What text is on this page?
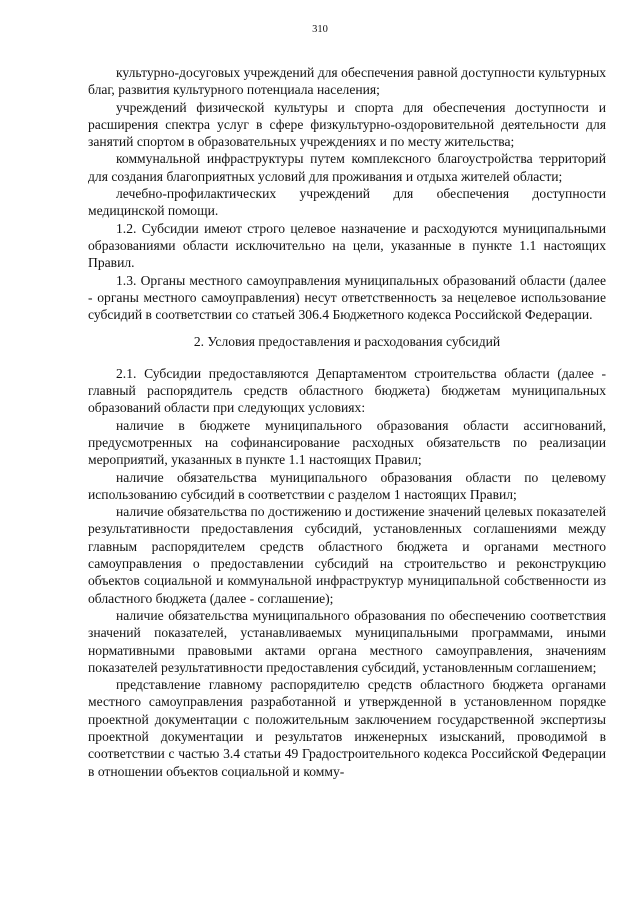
310

культурно-досуговых учреждений для обеспечения равной доступности культурных благ, развития культурного потенциала населения;

учреждений физической культуры и спорта для обеспечения доступности и расширения спектра услуг в сфере физкультурно-оздоровительной деятельности для занятий спортом в образовательных учреждениях и по месту жительства;

коммунальной инфраструктуры путем комплексного благоустройства территорий для создания благоприятных условий для проживания и отдыха жителей области;

лечебно-профилактических учреждений для обеспечения доступности медицинской помощи.

1.2. Субсидии имеют строго целевое назначение и расходуются муниципальными образованиями области исключительно на цели, указанные в пункте 1.1 настоящих Правил.

1.3. Органы местного самоуправления муниципальных образований области (далее - органы местного самоуправления) несут ответственность за нецелевое использование субсидий в соответствии со статьей 306.4 Бюджетного кодекса Российской Федерации.

2. Условия предоставления и расходования субсидий

2.1. Субсидии предоставляются Департаментом строительства области (далее - главный распорядитель средств областного бюджета) бюджетам муниципальных образований области при следующих условиях:

наличие в бюджете муниципального образования области ассигнований, предусмотренных на софинансирование расходных обязательств по реализации мероприятий, указанных в пункте 1.1 настоящих Правил;

наличие обязательства муниципального образования области по целевому использованию субсидий в соответствии с разделом 1 настоящих Правил;

наличие обязательства по достижению и достижение значений целевых показателей результативности предоставления субсидий, установленных соглашениями между главным распорядителем средств областного бюджета и органами местного самоуправления о предоставлении субсидий на строительство и реконструкцию объектов социальной и коммунальной инфраструктур муниципальной собственности из областного бюджета (далее - соглашение);

наличие обязательства муниципального образования по обеспечению соответствия значений показателей, устанавливаемых муниципальными программами, иными нормативными правовыми актами органа местного самоуправления, значениям показателей результативности предоставления субсидий, установленным соглашением;

представление главному распорядителю средств областного бюджета органами местного самоуправления разработанной и утвержденной в установленном порядке проектной документации с положительным заключением государственной экспертизы проектной документации и результатов инженерных изысканий, проводимой в соответствии с частью 3.4 статьи 49 Градостроительного кодекса Российской Федерации в отношении объектов социальной и комму-
